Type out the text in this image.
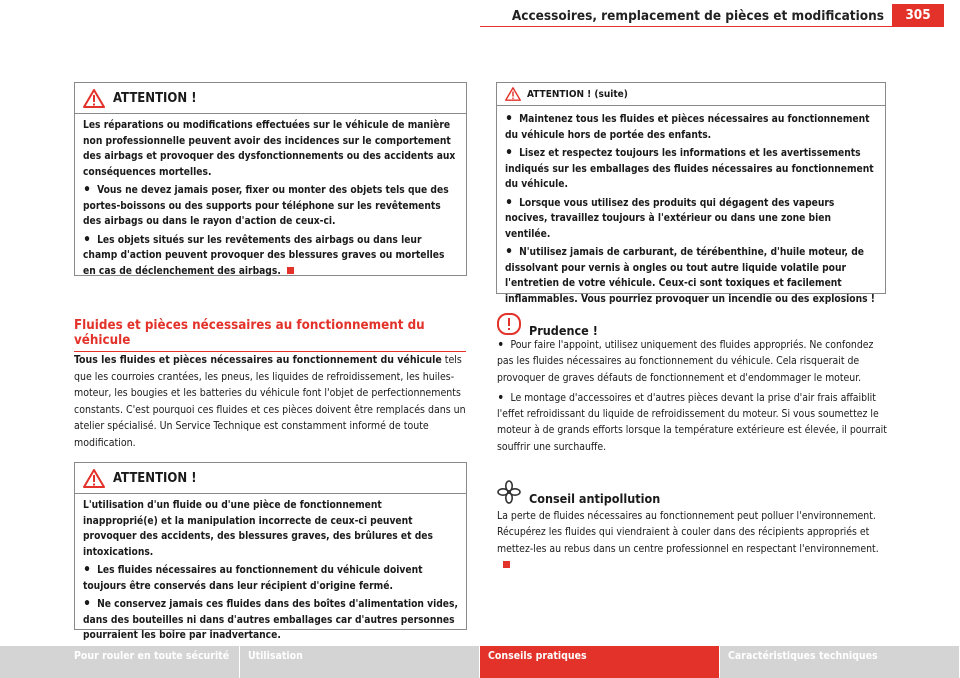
Accessoires, remplacement de pièces et modifications	305
ATTENTION !

Les réparations ou modifications effectuées sur le véhicule de manière non professionnelle peuvent avoir des incidences sur le comportement des airbags et provoquer des dysfonctionnements ou des accidents aux conséquences mortelles.

• Vous ne devez jamais poser, fixer ou monter des objets tels que des portes-boissons ou des supports pour téléphone sur les revêtements des airbags ou dans le rayon d'action de ceux-ci.

• Les objets situés sur les revêtements des airbags ou dans leur champ d'action peuvent provoquer des blessures graves ou mortelles en cas de déclenchement des airbags.

Fluides et pièces nécessaires au fonctionnement du véhicule
Tous les fluides et pièces nécessaires au fonctionnement du véhicule tels que les courroies crantées, les pneus, les liquides de refroidissement, les huiles-moteur, les bougies et les batteries du véhicule font l'objet de perfectionnements constants. C'est pourquoi ces fluides et ces pièces doivent être remplacés dans un atelier spécialisé. Un Service Technique est constamment informé de toute modification.
ATTENTION !

L'utilisation d'un fluide ou d'une pièce de fonctionnement inapproprié(e) et la manipulation incorrecte de ceux-ci peuvent provoquer des accidents, des blessures graves, des brûlures et des intoxications.

• Les fluides nécessaires au fonctionnement du véhicule doivent toujours être conservés dans leur récipient d'origine fermé.

• Ne conservez jamais ces fluides dans des boîtes d'alimentation vides, dans des bouteilles ni dans d'autres emballages car d'autres personnes pourraient les boire par inadvertance.

ATTENTION ! (suite)

• Maintenez tous les fluides et pièces nécessaires au fonctionnement du véhicule hors de portée des enfants.

• Lisez et respectez toujours les informations et les avertissements indiqués sur les emballages des fluides nécessaires au fonctionnement du véhicule.

• Lorsque vous utilisez des produits qui dégagent des vapeurs nocives, travaillez toujours à l'extérieur ou dans une zone bien ventilée.

• N'utilisez jamais de carburant, de térébenthine, d'huile moteur, de dissolvant pour vernis à ongles ou tout autre liquide volatile pour l'entretien de votre véhicule. Ceux-ci sont toxiques et facilement inflammables. Vous pourriez provoquer un incendie ou des explosions !

Prudence !

• Pour faire l'appoint, utilisez uniquement des fluides appropriés. Ne confondez pas les fluides nécessaires au fonctionnement du véhicule. Cela risquerait de provoquer de graves défauts de fonctionnement et d'endommager le moteur.

• Le montage d'accessoires et d'autres pièces devant la prise d'air frais affaiblit l'effet refroidissant du liquide de refroidissement du moteur. Si vous soumettez le moteur à de grands efforts lorsque la température extérieure est élevée, il pourrait souffrir une surchauffe.

Conseil antipollution

La perte de fluides nécessaires au fonctionnement peut polluer l'environnement. Récupérez les fluides qui viendraient à couler dans des récipients appropriés et mettez-les au rebus dans un centre professionnel en respectant l'environnement.

Pour rouler en toute sécurité	Utilisation	Conseils pratiques	Caractéristiques techniques
